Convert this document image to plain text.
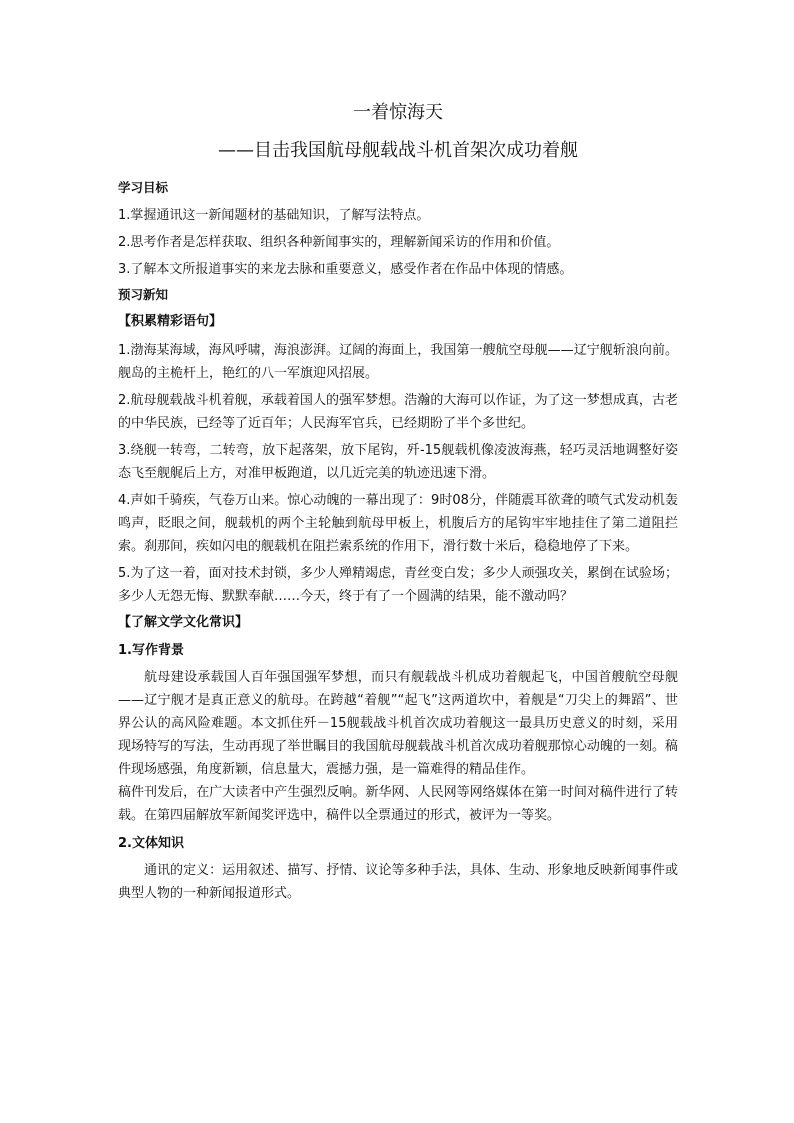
一着惊海天
——目击我国航母舰载战斗机首架次成功着舰
学习目标

1.掌握通讯这一新闻题材的基础知识，了解写法特点。

2.思考作者是怎样获取、组织各种新闻事实的，理解新闻采访的作用和价值。

3.了解本文所报道事实的来龙去脉和重要意义，感受作者在作品中体现的情感。

预习新知
【积累精彩语句】

1.渤海某海域，海风呼啸，海浪澎湃。辽阔的海面上，我国第一艘航空母舰——辽宁舰斩浪向前。舰岛的主桅杆上，艳红的八一军旗迎风招展。

2.航母舰载战斗机着舰，承载着国人的强军梦想。浩瀚的大海可以作证，为了这一梦想成真，古老的中华民族，已经等了近百年；人民海军官兵，已经期盼了半个多世纪。

3.绕舰一转弯，二转弯，放下起落架，放下尾钩，歼-15舰载机像凌波海燕，轻巧灵活地调整好姿态飞至舰艉后上方，对准甲板跑道，以几近完美的轨迹迅速下滑。

4.声如千骑疾，气卷万山来。惊心动魄的一幕出现了：9时08分，伴随震耳欲聋的喷气式发动机轰鸣声，眨眼之间，舰载机的两个主轮触到航母甲板上，机腹后方的尾钩牢牢地挂住了第二道阻拦索。刹那间，疾如闪电的舰载机在阻拦索系统的作用下，滑行数十米后，稳稳地停了下来。

5.为了这一着，面对技术封锁，多少人殚精竭虑，青丝变白发；多少人顽强攻关，累倒在试验场；多少人无怨无悔、默默奉献……今天，终于有了一个圆满的结果，能不激动吗？

【了解文学文化常识】
1.写作背景

航母建设承载国人百年强国强军梦想，而只有舰载战斗机成功着舰起飞，中国首艘航空母舰——辽宁舰才是真正意义的航母。在跨越“着舰”“起飞”这两道坎中，着舰是“刀尖上的舞蹈”、世界公认的高风险难题。本文抓住歼－15舰载战斗机首次成功着舰这一最具历史意义的时刻，采用现场特写的写法，生动再现了举世瞩目的我国航母舰载战斗机首次成功着舰那惊心动魄的一刻。稿件现场感强，角度新颖，信息量大，震撼力强，是一篇难得的精品佳作。

稿件刊发后，在广大读者中产生强烈反响。新华网、人民网等网络媒体在第一时间对稿件进行了转载。在第四届解放军新闻奖评选中，稿件以全票通过的形式，被评为一等奖。

2.文体知识

通讯的定义：运用叙述、描写、抒情、议论等多种手法，具体、生动、形象地反映新闻事件或典型人物的一种新闻报道形式。
